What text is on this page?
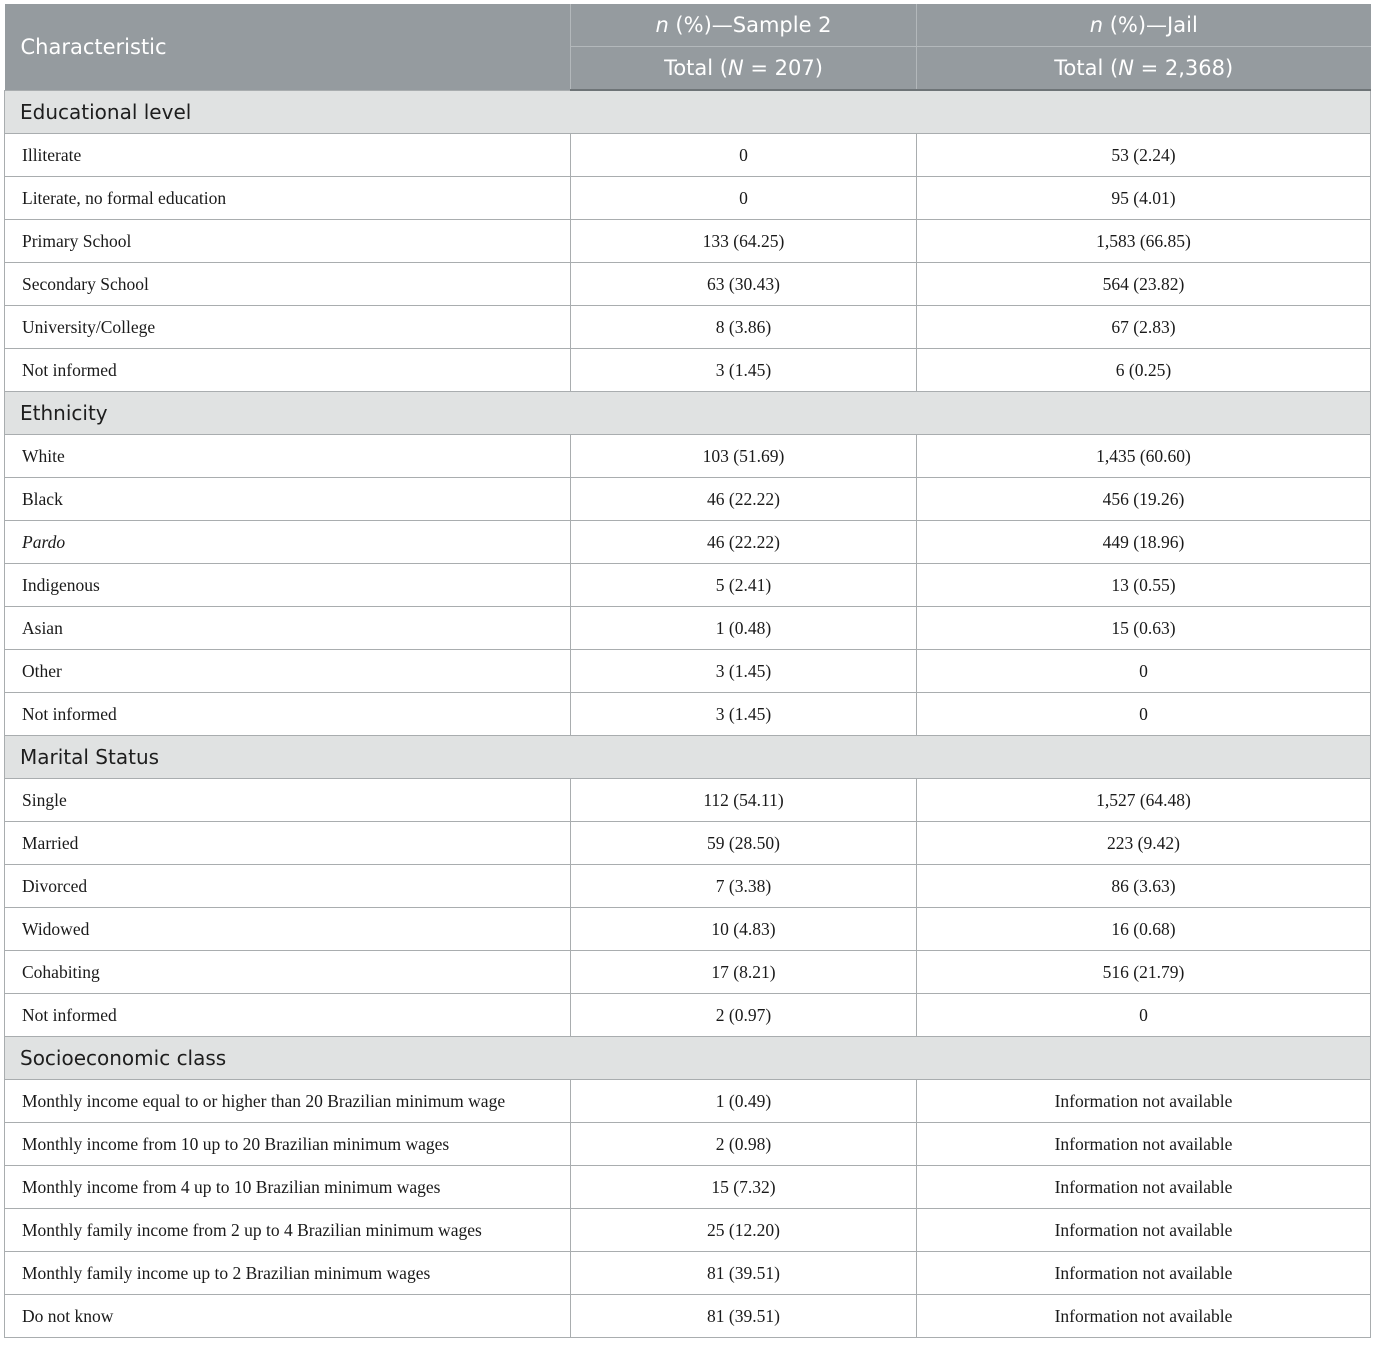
Characteristic	n (%)—Sample 2	n (%)—Jail
	Total (N = 207)	Total (N = 2,368)
Educational level		
Illiterate	0	53 (2.24)
Literate, no formal education	0	95 (4.01)
Primary School	133 (64.25)	1,583 (66.85)
Secondary School	63 (30.43)	564 (23.82)
University/College	8 (3.86)	67 (2.83)
Not informed	3 (1.45)	6 (0.25)
Ethnicity		
White	103 (51.69)	1,435 (60.60)
Black	46 (22.22)	456 (19.26)
Pardo	46 (22.22)	449 (18.96)
Indigenous	5 (2.41)	13 (0.55)
Asian	1 (0.48)	15 (0.63)
Other	3 (1.45)	0
Not informed	3 (1.45)	0
Marital Status		
Single	112 (54.11)	1,527 (64.48)
Married	59 (28.50)	223 (9.42)
Divorced	7 (3.38)	86 (3.63)
Widowed	10 (4.83)	16 (0.68)
Cohabiting	17 (8.21)	516 (21.79)
Not informed	2 (0.97)	0
Socioeconomic class		
Monthly income equal to or higher than 20 Brazilian minimum wage	1 (0.49)	Information not available
Monthly income from 10 up to 20 Brazilian minimum wages	2 (0.98)	Information not available
Monthly income from 4 up to 10 Brazilian minimum wages	15 (7.32)	Information not available
Monthly family income from 2 up to 4 Brazilian minimum wages	25 (12.20)	Information not available
Monthly family income up to 2 Brazilian minimum wages	81 (39.51)	Information not available
Do not know	81 (39.51)	Information not available
